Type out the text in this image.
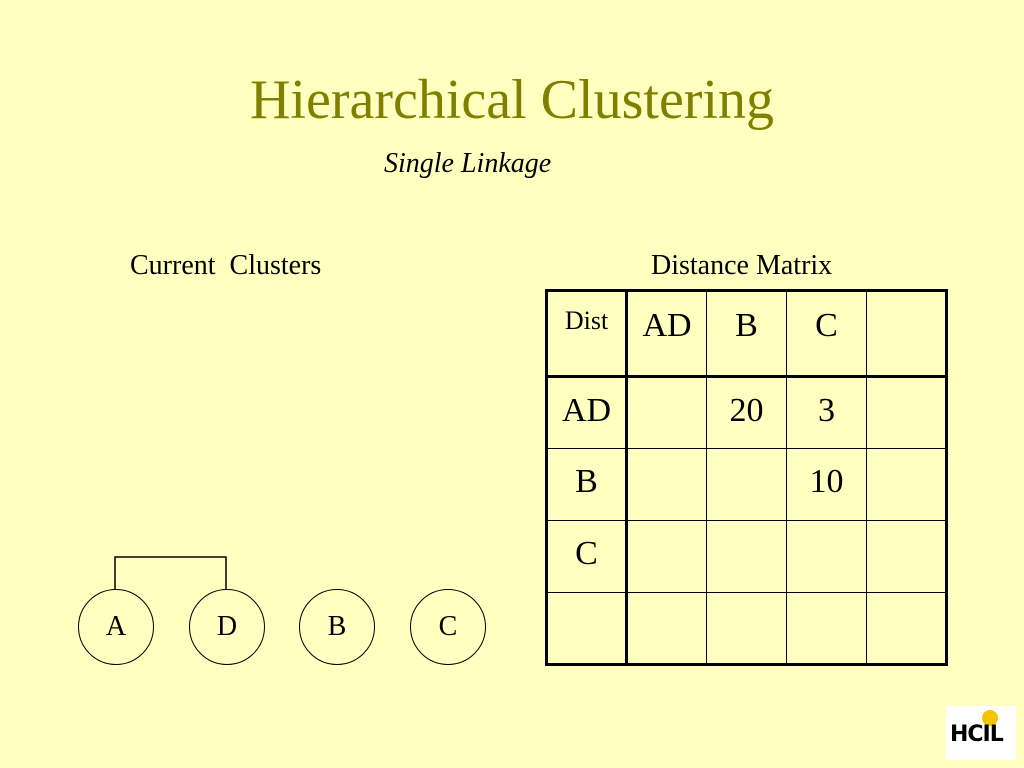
Hierarchical Clustering
Single Linkage
Current  Clusters	Distance Matrix
A	D	B	C
Dist	AD	B	C	

AD		20	3	

B			10	

C				

HCIL
